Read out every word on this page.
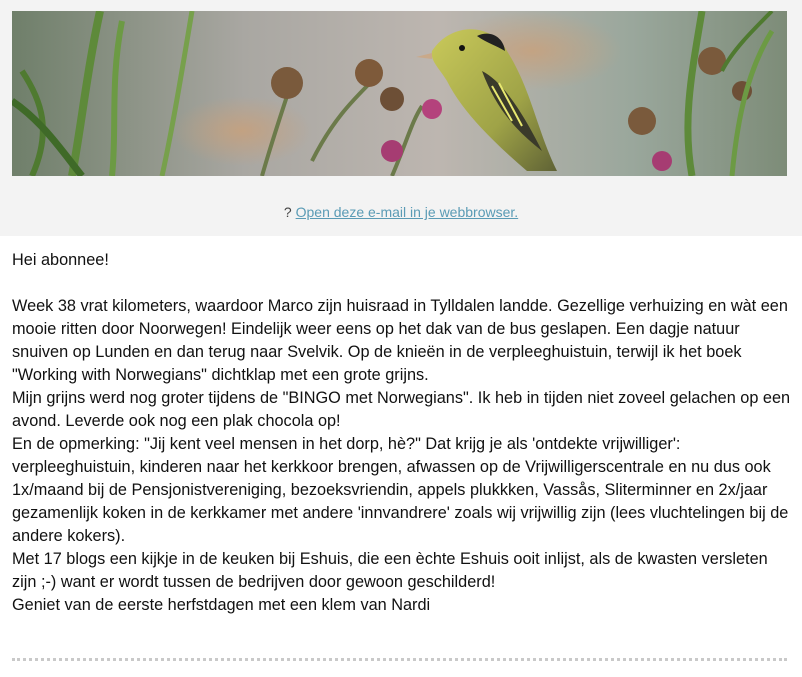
? Open deze e-mail in je webbrowser.

Hei abonnee!

Week 38 vrat kilometers, waardoor Marco zijn huisraad in Tylldalen landde. Gezellige verhuizing en wàt een mooie ritten door Noorwegen! Eindelijk weer eens op het dak van de bus geslapen. Een dagje natuur snuiven op Lunden en dan terug naar Svelvik. Op de knieën in de verpleeghuistuin, terwijl ik het boek "Working with Norwegians" dichtklap met een grote grijns.

Mijn grijns werd nog groter tijdens de "BINGO met Norwegians". Ik heb in tijden niet zoveel gelachen op een avond. Leverde ook nog een plak chocola op!

En de opmerking: "Jij kent veel mensen in het dorp, hè?" Dat krijg je als 'ontdekte vrijwilliger': verpleeghuistuin, kinderen naar het kerkkoor brengen, afwassen op de Vrijwilligerscentrale en nu dus ook 1x/maand bij de Pensjonistvereniging, bezoeksvriendin, appels plukkken, Vassås, Sliterminner en 2x/jaar gezamenlijk koken in de kerkkamer met andere 'innvandrere' zoals wij vrijwillig zijn (lees vluchtelingen bij de andere kokers).

Met 17 blogs een kijkje in de keuken bij Eshuis, die een èchte Eshuis ooit inlijst, als de kwasten versleten zijn ;-) want er wordt tussen de bedrijven door gewoon geschilderd!

Geniet van de eerste herfstdagen met een klem van Nardi
